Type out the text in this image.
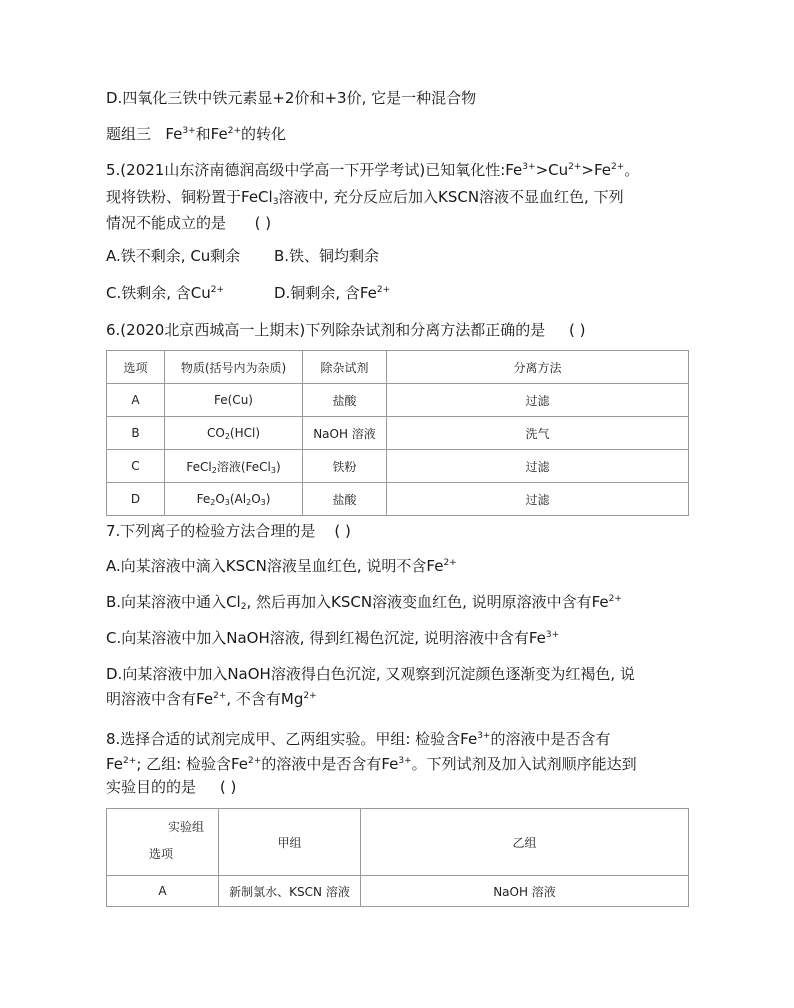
D.四氧化三铁中铁元素显+2价和+3价, 它是一种混合物
题组三 $Fe^{3+}$和$Fe^{2+}$的转化
5.(2021山东济南德润高级中学高一下开学考试)已知氧化性$:Fe^{3+}>Cu^{2+}>Fe^{2+}$。
现将铁粉、铜粉置于FeCl$_3$溶液中, 充分反应后加入KSCN溶液不显血红色, 下列
情况不能成立的是 ( )
A.铁不剩余, Cu剩余 B.铁、铜均剩余
C.铁剩余, 含$Cu^{2+}$	D.铜剩余, 含$Fe^{2+}$
6.(2020北京西城高一上期末)下列除杂试剂和分离方法都正确的是 ( )
选项	物质(括号内为杂质)	除杂试剂	分离方法
A	Fe(Cu)	盐酸	过滤
B	$CO_2(HCl)$	NaOH 溶液	洗气
C	FeCl$_2$溶液(FeCl$_3$)	铁粉	过滤
D	$Fe_2O_3(Al_2O_3)$	盐酸	过滤
7.下列离子的检验方法合理的是 ( )
A.向某溶液中滴入KSCN溶液呈血红色, 说明不含$Fe^{2+}$
B.向某溶液中通入$Cl_2$, 然后再加入KSCN溶液变血红色, 说明原溶液中含有$Fe^{2+}$
C.向某溶液中加入NaOH溶液, 得到红褐色沉淀, 说明溶液中含有$Fe^{3+}$
D.向某溶液中加入NaOH溶液得白色沉淀, 又观察到沉淀颜色逐渐变为红褐色, 说
明溶液中含有$Fe^{2+}$, 不含有$Mg^{2+}$
8.选择合适的试剂完成甲、乙两组实验。甲组: 检验含$Fe^{3+}$的溶液中是否含有
$Fe^{2+}$; 乙组: 检验含$Fe^{2+}$的溶液中是否含有$Fe^{3+}$。下列试剂及加入试剂顺序能达到
实验目的的是 ( )
实验组
选项	甲组	乙组
A	新制氯水、KSCN 溶液	NaOH 溶液
